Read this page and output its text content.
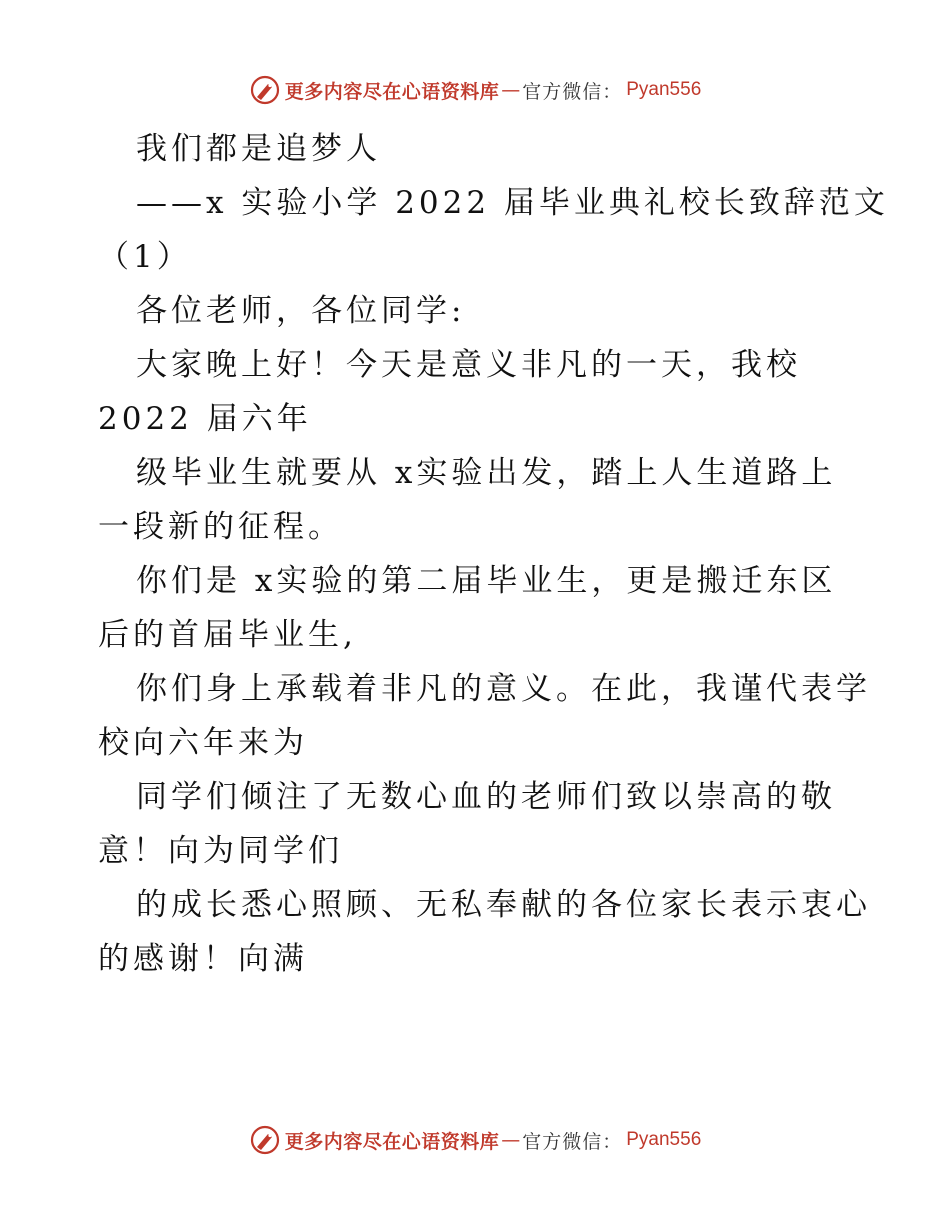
更多内容尽在心语资料库 — 官方微信： Pyan556
我们都是追梦人
——x 实验小学 2022 届毕业典礼校长致辞范文
（1）
各位老师，各位同学:
大家晚上好！今天是意义非凡的一天，我校
2022 届六年
级毕业生就要从 x实验出发，踏上人生道路上
一段新的征程。
你们是 x实验的第二届毕业生，更是搬迁东区
后的首届毕业生,
你们身上承载着非凡的意义。在此，我谨代表学
校向六年来为
同学们倾注了无数心血的老师们致以崇高的敬
意！向为同学们
的成长悉心照顾、无私奉献的各位家长表示衷心
的感谢！向满
更多内容尽在心语资料库 — 官方微信： Pyan556
